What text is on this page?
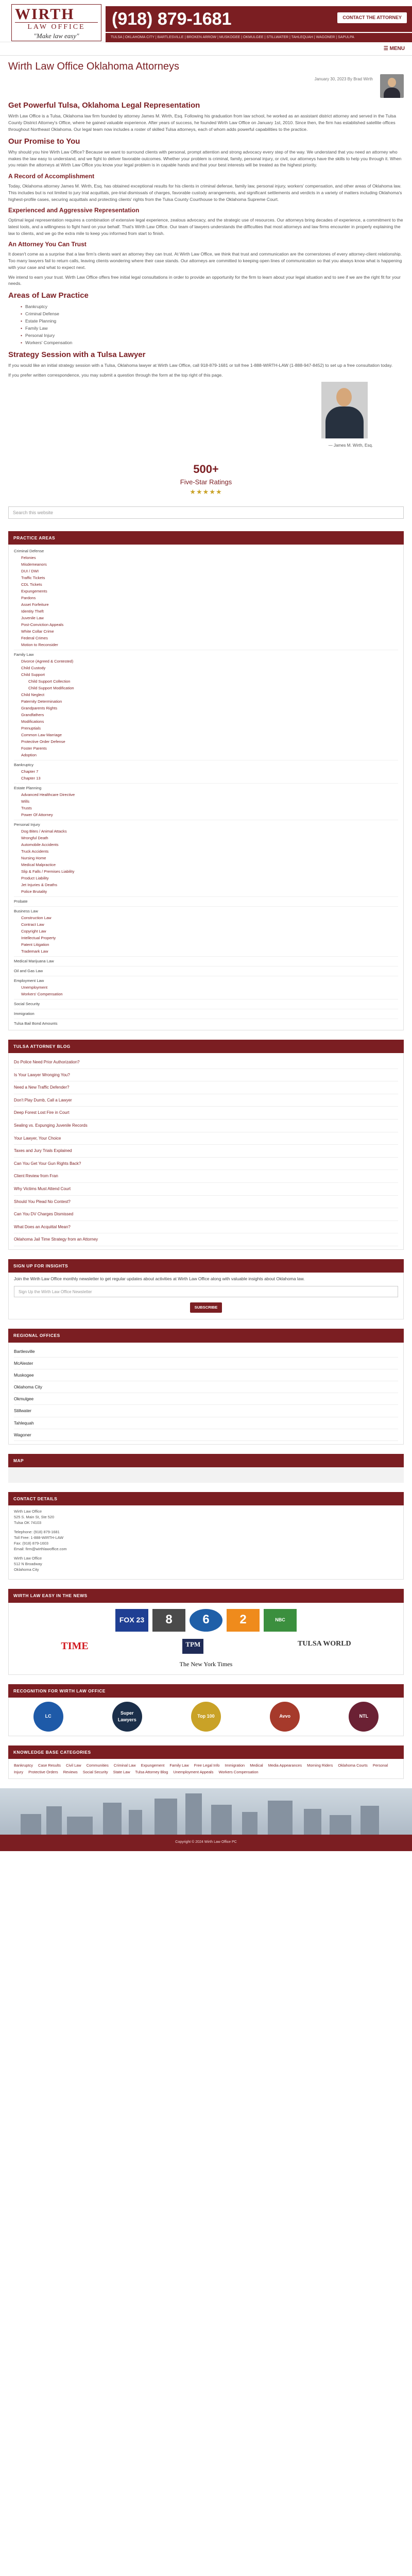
WIRTH
LAW OFFICE
"Make law easy"
(918) 879-1681	CONTACT THE ATTORNEY
TULSA | OKLAHOMA CITY | BARTLESVILLE | BROKEN ARROW | MUSKOGEE | OKMULGEE | STILLWATER | TAHLEQUAH | WAGONER | SAPULPA
☰ MENU
Wirth Law Office Oklahoma Attorneys
January 30, 2023 By Brad Wirth
Get Powerful Tulsa, Oklahoma Legal Representation

Wirth Law Office is a Tulsa, Oklahoma law firm founded by attorney James M. Wirth, Esq. Following his graduation from law school, he worked as an assistant district attorney and served in the Tulsa County District Attorney's Office, where he gained valuable experience. After years of success, he founded Wirth Law Office on January 1st, 2010. Since then, the firm has established satellite offices throughout Northeast Oklahoma. Our legal team now includes a roster of skilled Tulsa attorneys, each of whom adds powerful capabilities to the practice.

Our Promise to You

Why should you hire Wirth Law Office? Because we want to surround clients with personal, prompt attention and strong advocacy every step of the way. We understand that you need an attorney who makes the law easy to understand, and we fight to deliver favorable outcomes. Whether your problem is criminal, family, personal injury, or civil, our attorneys have the skills to help you through it. When you retain the attorneys at Wirth Law Office you know your legal problem is in capable hands and that your best interests will be treated as the highest priority.

A Record of Accomplishment

Today, Oklahoma attorney James M. Wirth, Esq. has obtained exceptional results for his clients in criminal defense, family law, personal injury, workers' compensation, and other areas of Oklahoma law. This includes but is not limited to jury trial acquittals, pre-trial dismissals of charges, favorable custody arrangements, and significant settlements and verdicts in a variety of matters including Oklahoma's highest-profile cases, securing acquittals and protecting clients' rights from the Tulsa County Courthouse to the Oklahoma Supreme Court.

Experienced and Aggressive Representation

Optimal legal representation requires a combination of extensive legal experience, zealous advocacy, and the strategic use of resources. Our attorneys bring decades of experience, a commitment to the latest tools, and a willingness to fight hard on your behalf. That's Wirth Law Office. Our team of lawyers understands the difficulties that most attorneys and law firms encounter in properly explaining the law to clients, and we go the extra mile to keep you informed from start to finish.

An Attorney You Can Trust

It doesn't come as a surprise that a law firm's clients want an attorney they can trust. At Wirth Law Office, we think that trust and communication are the cornerstones of every attorney-client relationship. Too many lawyers fail to return calls, leaving clients wondering where their case stands. Our attorneys are committed to keeping open lines of communication so that you always know what is happening with your case and what to expect next.

We intend to earn your trust. Wirth Law Office offers free initial legal consultations in order to provide an opportunity for the firm to learn about your legal situation and to see if we are the right fit for your needs.

Areas of Law Practice
• Bankruptcy
• Criminal Defense
• Estate Planning
• Family Law
• Personal Injury
• Workers' Compensation
Strategy Session with a Tulsa Lawyer

If you would like an initial strategy session with a Tulsa, Oklahoma lawyer at Wirth Law Office, call 918-879-1681 or toll free 1-888-WIRTH-LAW (1-888-947-8452) to set up a free consultation today.

If you prefer written correspondence, you may submit a question through the form at the top right of this page.

— James M. Wirth, Esq.
500+
Five-Star Ratings
★★★★★
Search this website
PRACTICE AREAS
Criminal Defense
Felonies
Misdemeanors
DUI / DWI
Traffic Tickets
CDL Tickets
Expungements
Pardons
Asset Forfeiture
Identity Theft
Juvenile Law
Post-Conviction Appeals
White Collar Crime
Federal Crimes
Motion to Reconsider
Family Law
Divorce (Agreed & Contested)
Child Custody
Child Support
Child Support Collection
Child Support Modification
Child Neglect
Paternity Determination
Grandparents Rights
Grandfathers
Modifications
Prenuptials
Common Law Marriage
Protective Order Defense
Foster Parents
Adoption
Bankruptcy
Chapter 7
Chapter 13
Estate Planning
Advanced Healthcare Directive
Wills
Trusts
Power Of Attorney
Personal Injury
Dog Bites / Animal Attacks
Wrongful Death
Automobile Accidents
Truck Accidents
Nursing Home
Medical Malpractice
Slip & Falls / Premises Liability
Product Liability
Jet Injuries & Deaths
Police Brutality
Probate
Business Law
Construction Law
Contract Law
Copyright Law
Intellectual Property
Patent Litigation
Trademark Law
Medical Marijuana Law
Oil and Gas Law
Employment Law
Unemployment
Workers' Compensation
Social Security
Immigration
Tulsa Bail Bond Amounts
TULSA ATTORNEY BLOG
Do Police Need Prior Authorization?
Is Your Lawyer Wronging You?
Need a New Traffic Defender?
Don't Play Dumb, Call a Lawyer
Deep Forest Lost Fire in Court
Sealing vs. Expunging Juvenile Records
Your Lawyer, Your Choice
Taxes and Jury Trials Explained
Can You Get Your Gun Rights Back?
Client Review from Fran
Why Victims Must Attend Court
Should You Plead No Contest?
Can You DV Charges Dismissed
What Does an Acquittal Mean?
Oklahoma Jail Time Strategy from an Attorney
SIGN UP FOR INSIGHTS

Join the Wirth Law Office monthly newsletter to get regular updates about activities at Wirth Law Office along with valuable insights about Oklahoma law.

Sign Up the Wirth Law Office Newsletter
SUBSCRIBE NOW
REGIONAL OFFICES
Bartlesville
McAlester
Muskogee
Oklahoma City
Okmulgee
Stillwater
Tahlequah
Wagoner
MAP
CONTACT DETAILS

Wirth Law Office
525 S. Main St, Ste 520
Tulsa OK 74103

Telephone: (918) 879-1681
Toll Free: 1-888-WIRTH-LAW
Fax: (918) 879-1603
Email: firm@wirthlawoffice.com

Wirth Law Office
512 N Broadway
Oklahoma City

WIRTH LAW EASY IN THE NEWS
FOX 23	8	6	2	NBC
TIME	TPM	TULSA WORLD
The New York Times
RECOGNITION FOR WIRTH LAW OFFICE
LC
Super Lawyers
Top 100	Avvo	NTL
KNOWLEDGE BASE CATEGORIES
Bankruptcy Case Results Civil Law Communities Criminal Law Expungement Family Law Free Legal Info Immigration Medical Media Appearances Morning Riders Oklahoma Courts Personal Injury Protective Orders Reviews Social Security State Law Tulsa Attorney Blog Unemployment Appeals Workers Compensation
Copyright © 2024 Wirth Law Office PC
